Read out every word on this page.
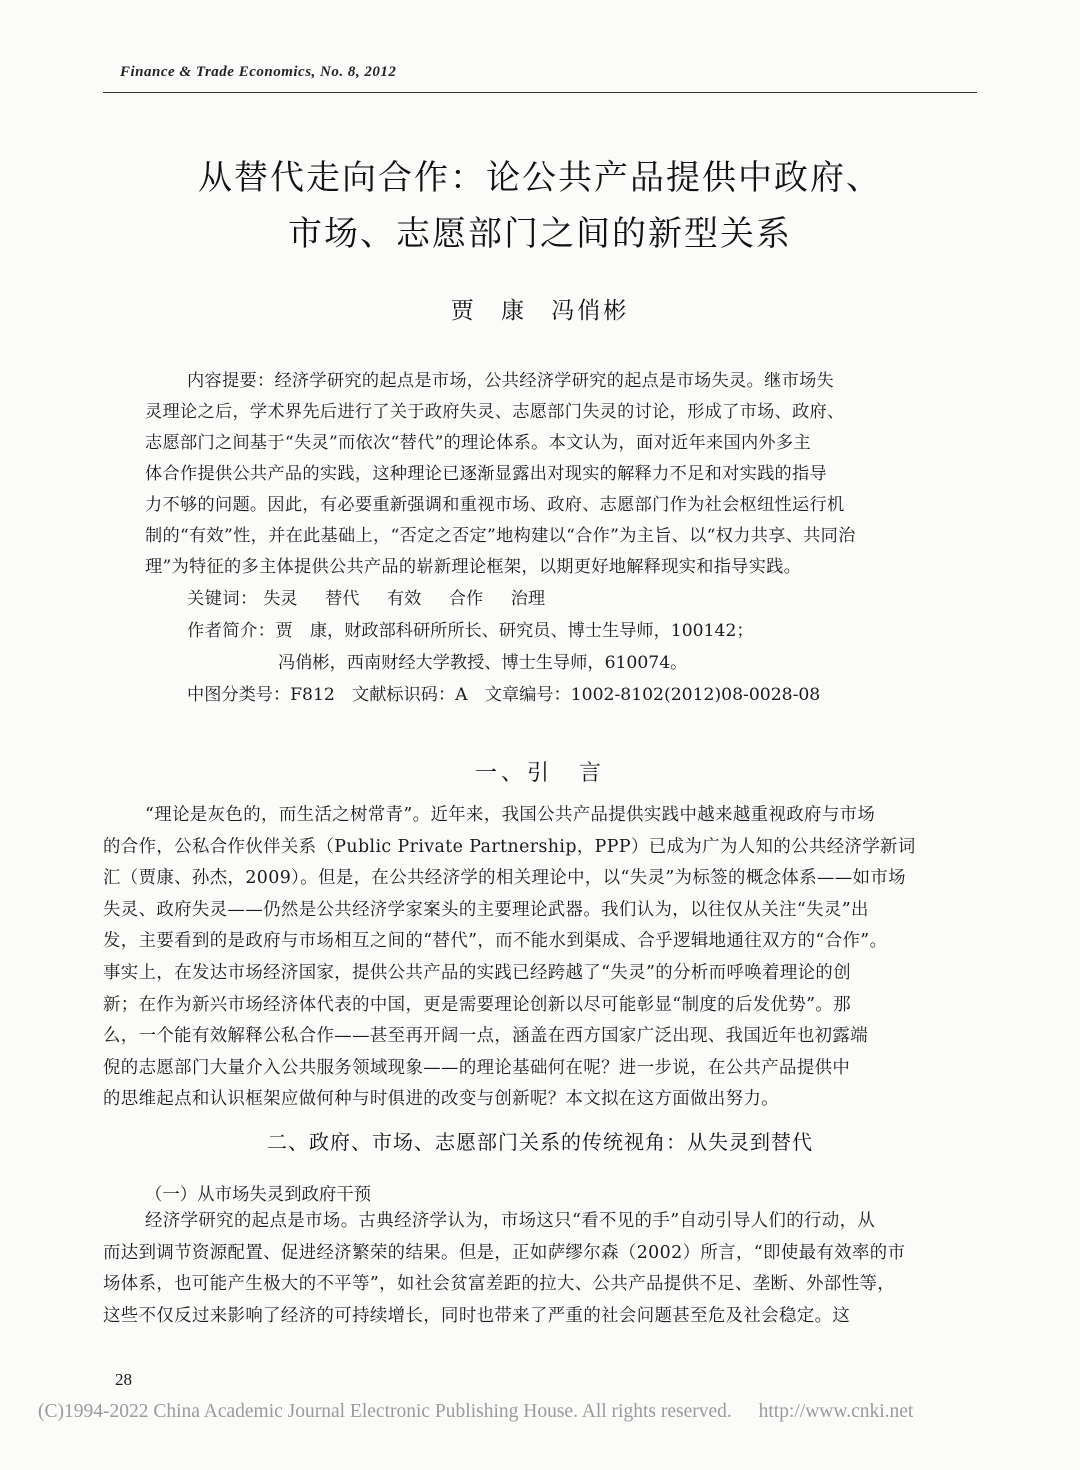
Finance & Trade Economics, No. 8, 2012
从替代走向合作：论公共产品提供中政府、
市场、志愿部门之间的新型关系
贾 康 冯俏彬
内容提要：经济学研究的起点是市场，公共经济学研究的起点是市场失灵。继市场失
灵理论之后，学术界先后进行了关于政府失灵、志愿部门失灵的讨论，形成了市场、政府、
志愿部门之间基于“失灵”而依次“替代”的理论体系。本文认为，面对近年来国内外多主
体合作提供公共产品的实践，这种理论已逐渐显露出对现实的解释力不足和对实践的指导
力不够的问题。因此，有必要重新强调和重视市场、政府、志愿部门作为社会枢纽性运行机
制的“有效”性，并在此基础上，“否定之否定”地构建以“合作”为主旨、以“权力共享、共同治
理”为特征的多主体提供公共产品的崭新理论框架，以期更好地解释现实和指导实践。
关键词： 失灵 替代 有效 合作 治理
作者简介：贾　康，财政部科研所所长、研究员、博士生导师，100142；
冯俏彬，西南财经大学教授、博士生导师，610074。
中图分类号：F812　文献标识码：A　文章编号：1002-8102(2012)08-0028-08
一、引　言
“理论是灰色的，而生活之树常青”。近年来，我国公共产品提供实践中越来越重视政府与市场
的合作，公私合作伙伴关系（Public Private Partnership，PPP）已成为广为人知的公共经济学新词
汇（贾康、孙杰，2009）。但是，在公共经济学的相关理论中，以“失灵”为标签的概念体系——如市场
失灵、政府失灵——仍然是公共经济学家案头的主要理论武器。我们认为，以往仅从关注“失灵”出
发，主要看到的是政府与市场相互之间的“替代”，而不能水到渠成、合乎逻辑地通往双方的“合作”。
事实上，在发达市场经济国家，提供公共产品的实践已经跨越了“失灵”的分析而呼唤着理论的创
新；在作为新兴市场经济体代表的中国，更是需要理论创新以尽可能彰显“制度的后发优势”。那
么，一个能有效解释公私合作——甚至再开阔一点，涵盖在西方国家广泛出现、我国近年也初露端
倪的志愿部门大量介入公共服务领域现象——的理论基础何在呢？进一步说，在公共产品提供中
的思维起点和认识框架应做何种与时俱进的改变与创新呢？本文拟在这方面做出努力。
二、政府、市场、志愿部门关系的传统视角：从失灵到替代
（一）从市场失灵到政府干预
经济学研究的起点是市场。古典经济学认为，市场这只“看不见的手”自动引导人们的行动，从
而达到调节资源配置、促进经济繁荣的结果。但是，正如萨缪尔森（2002）所言，“即使最有效率的市
场体系，也可能产生极大的不平等”，如社会贫富差距的拉大、公共产品提供不足、垄断、外部性等，
这些不仅反过来影响了经济的可持续增长，同时也带来了严重的社会问题甚至危及社会稳定。这
28
(C)1994-2022 China Academic Journal Electronic Publishing House. All rights reserved. http://www.cnki.net
